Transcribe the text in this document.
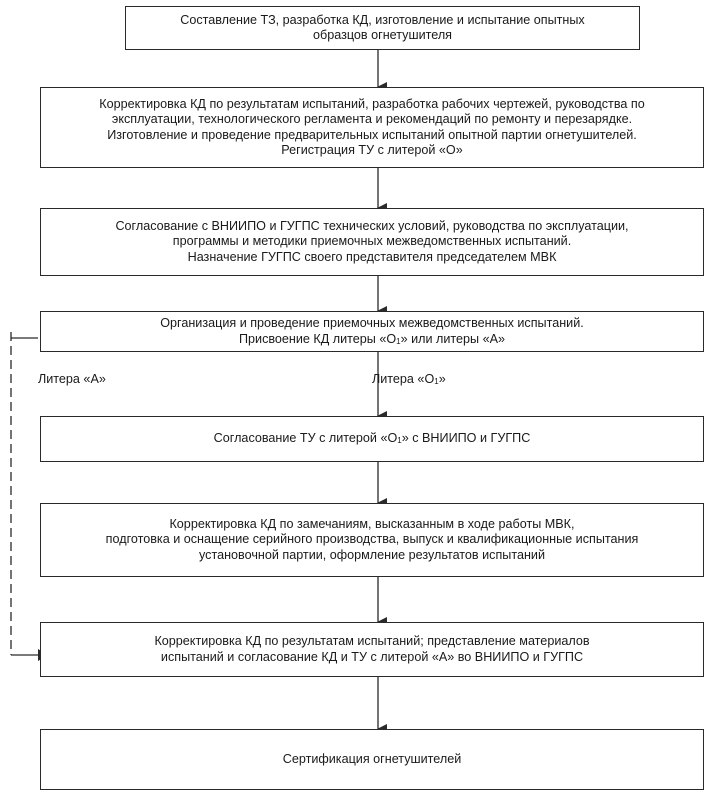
Составление ТЗ, разработка КД, изготовление и испытание опытных
образцов огнетушителя
Корректировка КД по результатам испытаний, разработка рабочих чертежей, руководства по
эксплуатации, технологического регламента и рекомендаций по ремонту и перезарядке.
Изготовление и проведение предварительных испытаний опытной партии огнетушителей.
Регистрация ТУ с литерой «О»
Согласование с ВНИИПО и ГУГПС технических условий, руководства по эксплуатации,
программы и методики приемочных межведомственных испытаний.
Назначение ГУГПС своего представителя председателем МВК
Организация и проведение приемочных межведомственных испытаний.
Присвоение КД литеры «$О_1$» или литеры «А»
Литера «А»	Литера «$О_1$»
Согласование ТУ с литерой «$О_1$» с ВНИИПО и ГУГПС
Корректировка КД по замечаниям, высказанным в ходе работы МВК,
подготовка и оснащение серийного производства, выпуск и квалификационные испытания
установочной партии, оформление результатов испытаний
Корректировка КД по результатам испытаний; представление материалов
испытаний и согласование КД и ТУ с литерой «А» во ВНИИПО и ГУГПС
Сертификация огнетушителей
